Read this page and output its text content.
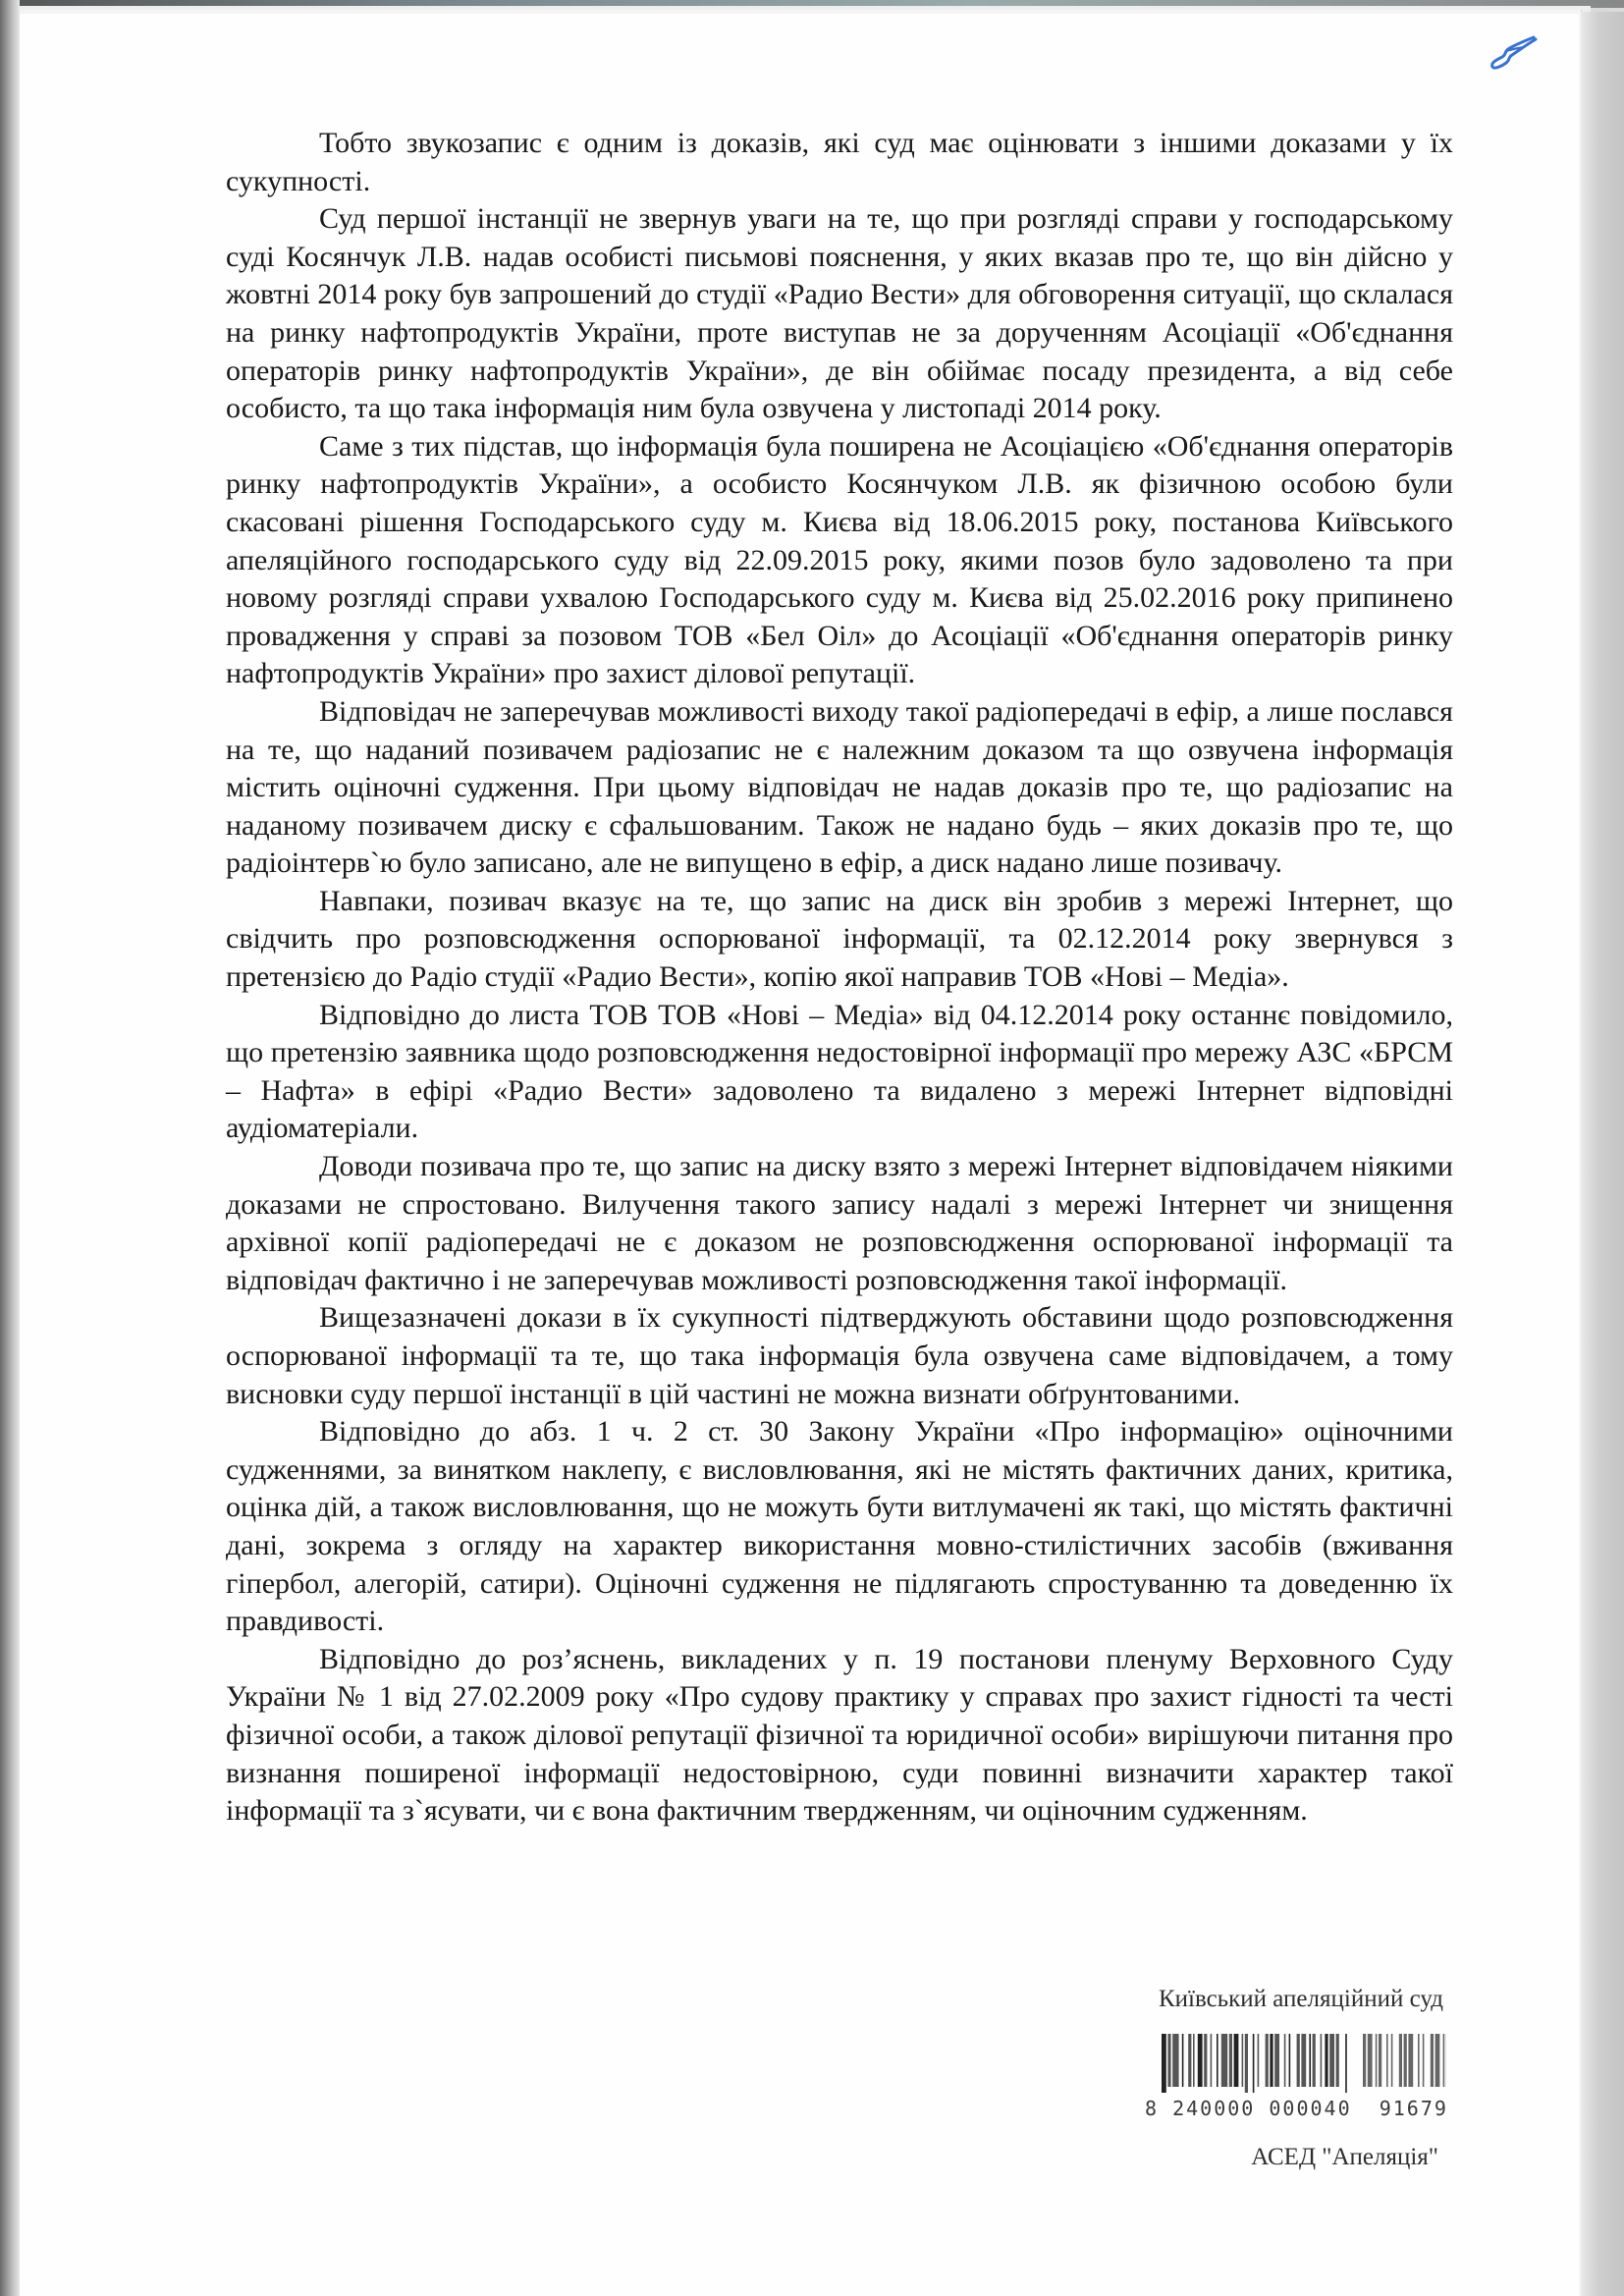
Тобто звукозапис є одним із доказів, які суд має оцінювати з іншими доказами у їх сукупності.

Суд першої інстанції не звернув уваги на те, що при розгляді справи у господарському суді Косянчук Л.В. надав особисті письмові пояснення, у яких вказав про те, що він дійсно у жовтні 2014 року був запрошений до студії «Радио Вести» для обговорення ситуації, що склалася на ринку нафтопродуктів України, проте виступав не за дорученням Асоціації «Об'єднання операторів ринку нафтопродуктів України», де він обіймає посаду президента, а від себе особисто, та що така інформація ним була озвучена у листопаді 2014 року.

Саме з тих підстав, що інформація була поширена не Асоціацією «Об'єднання операторів ринку нафтопродуктів України», а особисто Косянчуком Л.В. як фізичною особою були скасовані рішення Господарського суду м. Києва від 18.06.2015 року, постанова Київського апеляційного господарського суду від 22.09.2015 року, якими позов було задоволено та при новому розгляді справи ухвалою Господарського суду м. Києва від 25.02.2016 року припинено провадження у справі за позовом ТОВ «Бел Оіл» до Асоціації «Об'єднання операторів ринку нафтопродуктів України» про захист ділової репутації.

Відповідач не заперечував можливості виходу такої радіопередачі в ефір, а лише послався на те, що наданий позивачем радіозапис не є належним доказом та що озвучена інформація містить оціночні судження. При цьому відповідач не надав доказів про те, що радіозапис на наданому позивачем диску є сфальшованим. Також не надано будь – яких доказів про те, що радіоінтерв`ю було записано, але не випущено в ефір, а диск надано лише позивачу.

Навпаки, позивач вказує на те, що запис на диск він зробив з мережі Інтернет, що свідчить про розповсюдження оспорюваної інформації, та 02.12.2014 року звернувся з претензією до Радіо студії «Радио Вести», копію якої направив ТОВ «Нові – Медіа».

Відповідно до листа ТОВ ТОВ «Нові – Медіа» від 04.12.2014 року останнє повідомило, що претензію заявника щодо розповсюдження недостовірної інформації про мережу АЗС «БРСМ – Нафта» в ефірі «Радио Вести» задоволено та видалено з мережі Інтернет відповідні аудіоматеріали.

Доводи позивача про те, що запис на диску взято з мережі Інтернет відповідачем ніякими доказами не спростовано. Вилучення такого запису надалі з мережі Інтернет чи знищення архівної копії радіопередачі не є доказом не розповсюдження оспорюваної інформації та відповідач фактично і не заперечував можливості розповсюдження такої інформації.

Вищезазначені докази в їх сукупності підтверджують обставини щодо розповсюдження оспорюваної інформації та те, що така інформація була озвучена саме відповідачем, а тому висновки суду першої інстанції в цій частині не можна визнати обґрунтованими.

Відповідно до абз. 1 ч. 2 ст. 30 Закону України «Про інформацію» оціночними судженнями, за винятком наклепу, є висловлювання, які не містять фактичних даних, критика, оцінка дій, а також висловлювання, що не можуть бути витлумачені як такі, що містять фактичні дані, зокрема з огляду на характер використання мовно-стилістичних засобів (вживання гіпербол, алегорій, сатири). Оціночні судження не підлягають спростуванню та доведенню їх правдивості.

Відповідно до роз’яснень, викладених у п. 19 постанови пленуму Верховного Суду України № 1 від 27.02.2009 року «Про судову практику у справах про захист гідності та честі фізичної особи, а також ділової репутації фізичної та юридичної особи» вирішуючи питання про визнання поширеної інформації недостовірною, суди повинні визначити характер такої інформації та з`ясувати, чи є вона фактичним твердженням, чи оціночним судженням.

Київський апеляційний суд
8 240000 000040  91679
АСЕД "Апеляція"
